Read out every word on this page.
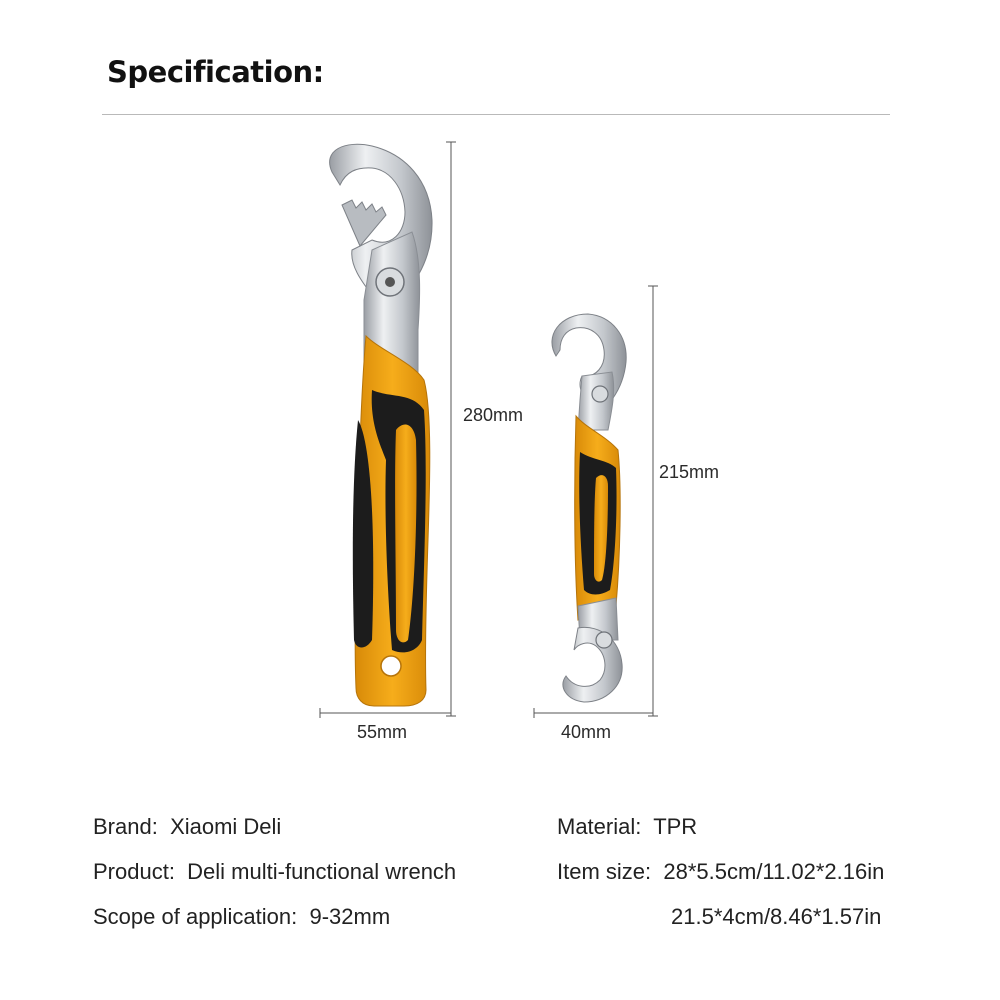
Specification:
280mm
55mm
215mm
40mm
Brand: Xiaomi Deli
Product: Deli multi-functional wrench
Scope of application: 9-32mm
Material: TPR
Item size: 28*5.5cm/11.02*2.16in
21.5*4cm/8.46*1.57in
